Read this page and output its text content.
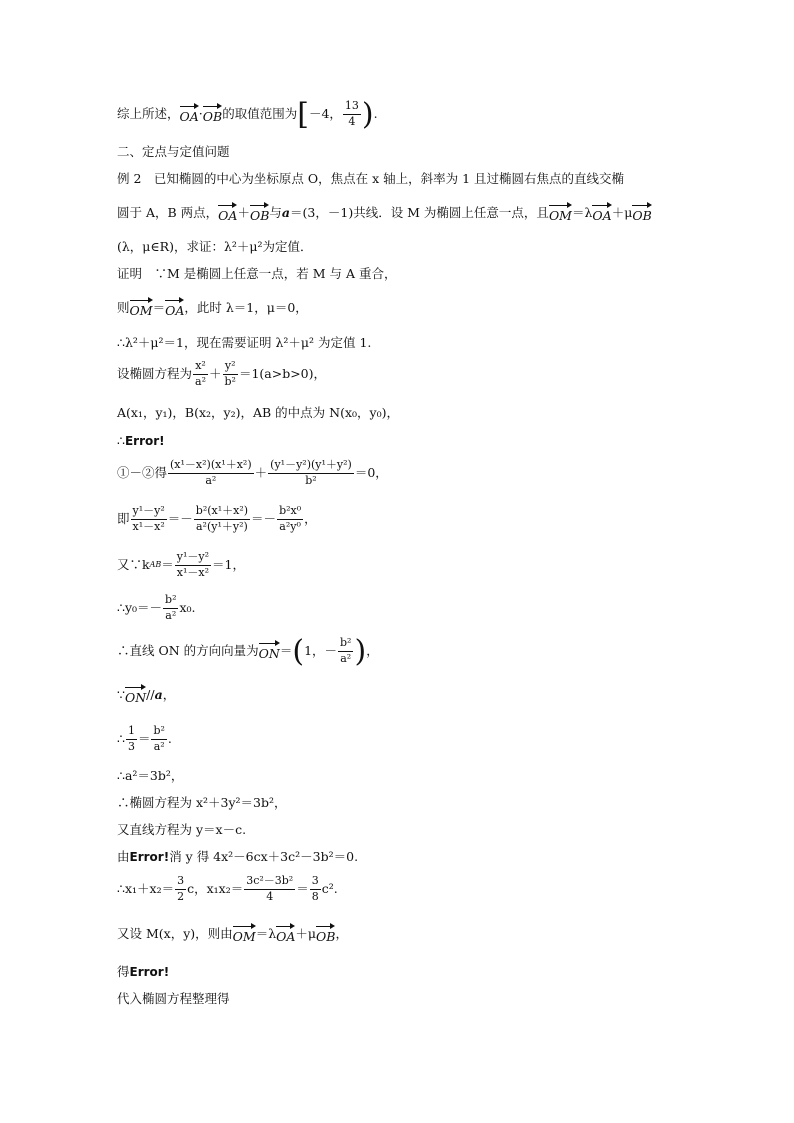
综上所述， OA · OB 的取值范围为 [ －4， $\frac{13}{4}$ ) .
二、定点与定值问题
例 2　已知椭圆的中心为坐标原点 O，焦点在 x 轴上，斜率为 1 且过椭圆右焦点的直线交椭
圆于 A，B 两点， OA ＋ OB 与 a ＝(3，－1)共线．设 M 为椭圆上任意一点，且 OM ＝λ OA ＋μ OB
(λ，μ∈R)，求证：λ²＋μ²为定值．
证明　∵M 是椭圆上任意一点，若 M 与 A 重合，
则 OM ＝ OA ，此时 λ＝1，μ＝0，
∴λ²＋μ²＝1，现在需要证明 λ²＋μ² 为定值 1.
设椭圆方程为 $\frac{\text{x²}}{\text{a²}} + \frac{\text{y²}}{\text{b²}} =1(a>b>0)$，
A(x₁，y₁)，B(x₂，y₂)，AB 的中点为 N(x₀，y₀)，
∴Error!
①－②得 $\frac{\text{(x¹－x²)(x¹＋x²)}}{\text{a²}} + \frac{\text{(y¹－y²)(y¹＋y²)}}{\text{b²}} =0$，
即 $\frac{\text{y¹－y²}}{\text{x¹－x²}} =- \frac{\text{b²(x¹＋x²)}}{\text{a²(y¹＋y²)}} =- \frac{\text{b²x⁰}}{\text{a²y⁰}}$ ，
又∵k AB ＝ $\frac{\text{y¹－y²}}{\text{x¹－x²}} =1$，
∴y₀＝－ $\frac{\text{b²}}{\text{a²}} x_0$.
∴直线 ON 的方向向量为 ON ＝ ( 1，－ $\frac{\text{b²}}{\text{a²}}$ ) ，
∵ ON // a ，
∴ $\frac{1}{3} = \frac{\text{b²}}{\text{a²}}$ .
∴a²＝3b²，
∴椭圆方程为 x²＋3y²＝3b²，
又直线方程为 y＝x－c.
由Error!消 y 得 4x²－6cx＋3c²－3b²＝0.
∴x₁＋x₂＝ $\frac{3}{2}$ c，$x_1x_2= \frac{\text{3c²－3b²}}{4} = \frac{3}{8} c^2$.
又设 M(x，y)，则由 OM ＝λ OA ＋μ OB ，
得Error!
代入椭圆方程整理得
